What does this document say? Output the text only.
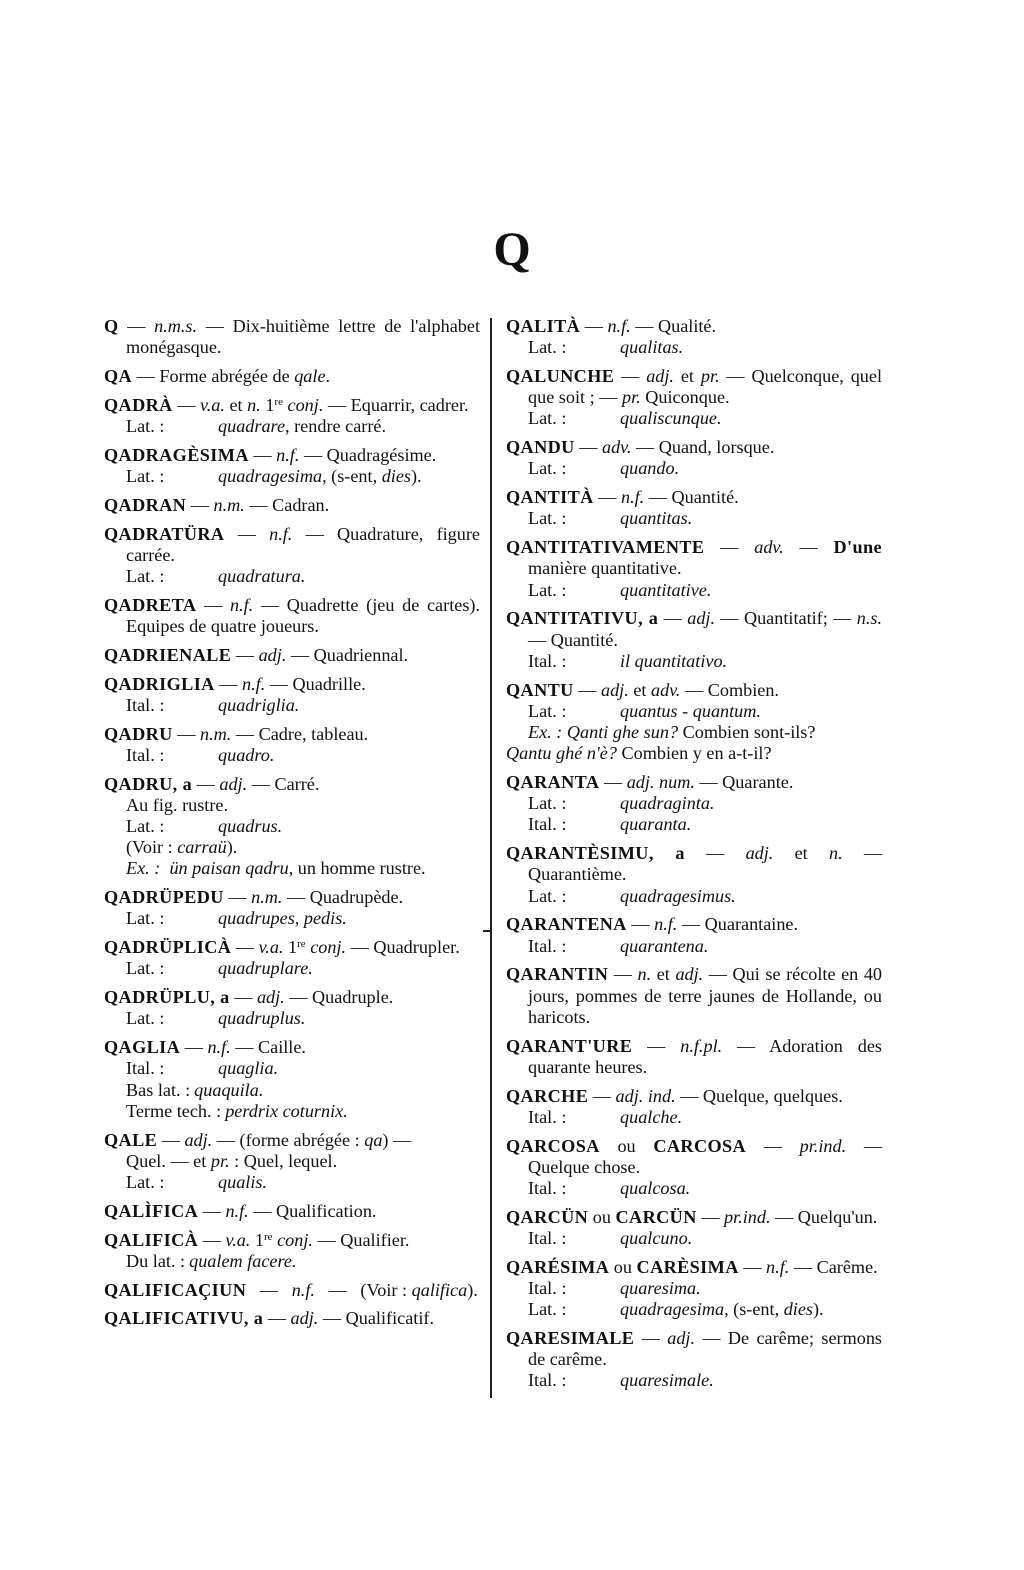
Q
Q — n.m.s. — Dix-huitième lettre de l'alphabet monégasque.
QA — Forme abrégée de qale.
QADRÀ — v.a. et n. 1re conj. — Equarrir, cadrer.
Lat. :	quadrare, rendre carré.
QADRAGÈSIMA — n.f. — Quadragésime.
Lat. :	quadragesima, (s-ent, dies).
QADRAN — n.m. — Cadran.
QADRATÜRA — n.f. — Quadrature, figure carrée.
Lat. :	quadratura.
QADRETA — n.f. — Quadrette (jeu de cartes). Equipes de quatre joueurs.
QADRIENALE — adj. — Quadriennal.
QADRIGLIA — n.f. — Quadrille.
Ital. :	quadriglia.
QADRU — n.m. — Cadre, tableau.
Ital. :	quadro.
QADRU, a — adj. — Carré.
Au fig. rustre.
Lat. :	quadrus.
(Voir : carraü).
Ex. : ün paisan qadru, un homme rustre.
QADRÜPEDU — n.m. — Quadrupède.
Lat. :	quadrupes, pedis.
QADRÜPLICÀ — v.a. 1re conj. — Quadrupler.
Lat. :	quadruplare.
QADRÜPLU, a — adj. — Quadruple.
Lat. :	quadruplus.
QAGLIA — n.f. — Caille.
Ital. :	quaglia.
Bas lat. : quaquila.
Terme tech. : perdrix coturnix.
QALE — adj. — (forme abrégée : qa) —
Quel. — et pr. : Quel, lequel.
Lat. :	qualis.
QALÌFICA — n.f. — Qualification.
QALIFICÀ — v.a. 1re conj. — Qualifier.
Du lat. : qualem facere.
QALIFICAÇIUN   —   n.f.   —   (Voir : qalifica).
QALIFICATIVU, a — adj. — Qualificatif.
QALITÀ — n.f. — Qualité.
Lat. :	qualitas.
QALUNCHE — adj. et pr. — Quelconque, quel que soit ; — pr. Quiconque.
Lat. :	qualiscunque.
QANDU — adv. — Quand, lorsque.
Lat. :	quando.
QANTITÀ — n.f. — Quantité.
Lat. :	quantitas.
QANTITATIVAMENTE — adv. — D'une manière quantitative.
Lat. :	quantitative.
QANTITATIVU, a — adj. — Quantitatif; — n.s. — Quantité.
Ital. :	il quantitativo.
QANTU — adj. et adv. — Combien.
Lat. :	quantus - quantum.
Ex. : Qanti ghe sun? Combien sont-ils?
Qantu ghé n'è? Combien y en a-t-il?
QARANTA — adj. num. — Quarante.
Lat. :	quadraginta.
Ital. :	quaranta.
QARANTÈSIMU, a — adj. et n. — Quarantième.
Lat. :	quadragesimus.
QARANTENA — n.f. — Quarantaine.
Ital. :	quarantena.
QARANTIN — n. et adj. — Qui se récolte en 40 jours, pommes de terre jaunes de Hollande, ou haricots.
QARANT'URE — n.f.pl. — Adoration des quarante heures.
QARCHE — adj. ind. — Quelque, quelques.
Ital. :	qualche.
QARCOSA ou CARCOSA — pr.ind. — Quelque chose.
Ital. :	qualcosa.
QARCÜN ou CARCÜN — pr.ind. — Quelqu'un.
Ital. :	qualcuno.
QARÉSIMA ou CARÈSIMA — n.f. — Carême.
Ital. :	quaresima.
Lat. :	quadragesima, (s-ent, dies).
QARESIMALE — adj. — De carême; sermons de carême.
Ital. :	quaresimale.
